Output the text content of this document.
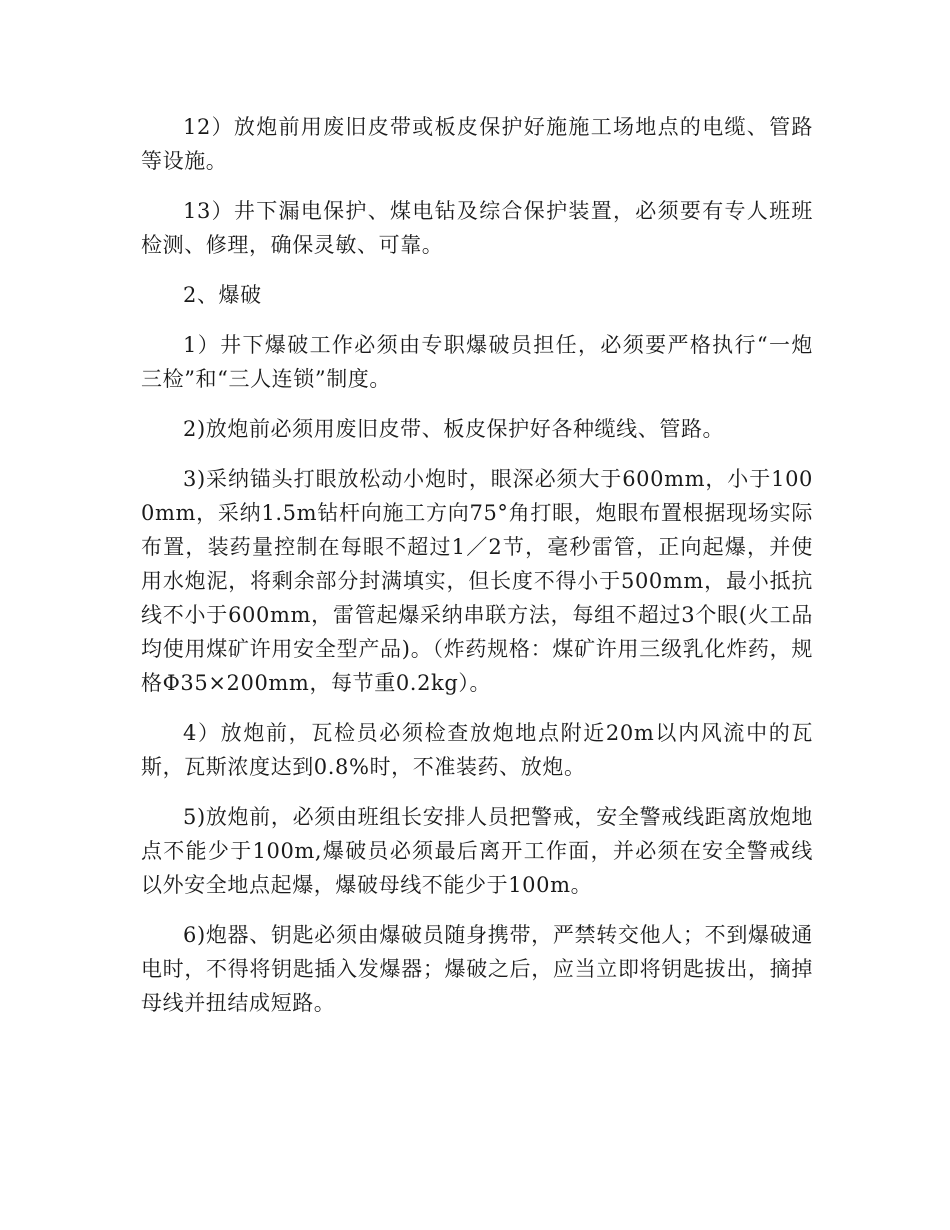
12）放炮前用废旧皮带或板皮保护好施施工场地点的电缆、管路等设施。

13）井下漏电保护、煤电钻及综合保护装置，必须要有专人班班检测、修理，确保灵敏、可靠。

2、爆破

1）井下爆破工作必须由专职爆破员担任，必须要严格执行“一炮三检”和“三人连锁”制度。

2)放炮前必须用废旧皮带、板皮保护好各种缆线、管路。

3)采纳锚头打眼放松动小炮时，眼深必须大于600mm，小于1000mm，采纳1.5m钻杆向施工方向75°角打眼，炮眼布置根据现场实际布置，装药量控制在每眼不超过1／2节，毫秒雷管，正向起爆，并使用水炮泥，将剩余部分封满填实，但长度不得小于500mm，最小抵抗线不小于600mm，雷管起爆采纳串联方法，每组不超过3个眼(火工品均使用煤矿许用安全型产品)。（炸药规格：煤矿许用三级乳化炸药，规格Φ35×200mm，每节重0.2kg）。

4）放炮前，瓦检员必须检查放炮地点附近20m以内风流中的瓦斯，瓦斯浓度达到0.8%时，不准装药、放炮。

5)放炮前，必须由班组长安排人员把警戒，安全警戒线距离放炮地点不能少于100m,爆破员必须最后离开工作面，并必须在安全警戒线以外安全地点起爆，爆破母线不能少于100m。

6)炮器、钥匙必须由爆破员随身携带，严禁转交他人；不到爆破通电时，不得将钥匙插入发爆器；爆破之后，应当立即将钥匙拔出，摘掉母线并扭结成短路。
